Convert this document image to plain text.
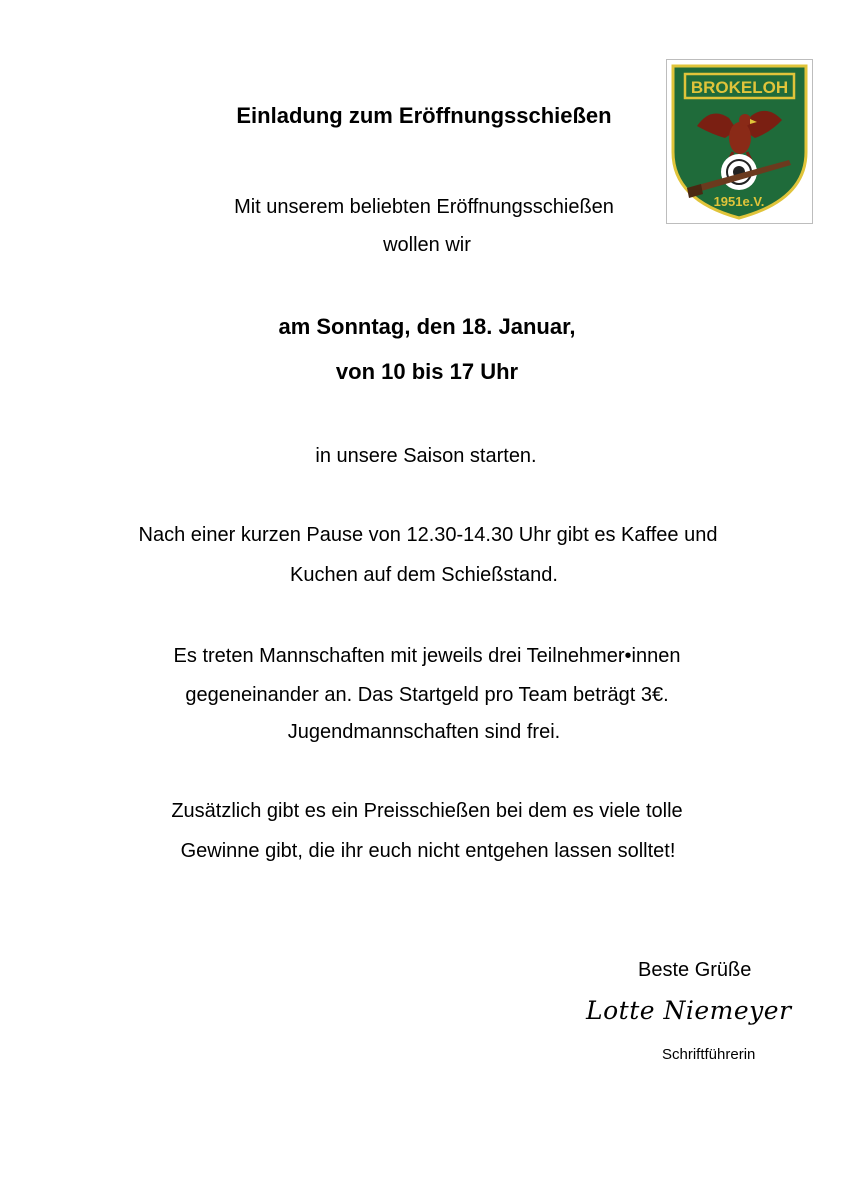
Einladung zum Eröffnungsschießen
Mit unserem beliebten Eröffnungsschießen
wollen wir
am Sonntag, den 18. Januar,
von 10 bis 17 Uhr
in unsere Saison starten.
Nach einer kurzen Pause von 12.30-14.30 Uhr gibt es Kaffee und
Kuchen auf dem Schießstand.
Es treten Mannschaften mit jeweils drei Teilnehmer•innen
gegeneinander an. Das Startgeld pro Team beträgt 3€.
Jugendmannschaften sind frei.
Zusätzlich gibt es ein Preisschießen bei dem es viele tolle
Gewinne gibt, die ihr euch nicht entgehen lassen solltet!
Beste Grüße
Lotte Niemeyer
Schriftführerin
BROKELOH
1951e.V.
